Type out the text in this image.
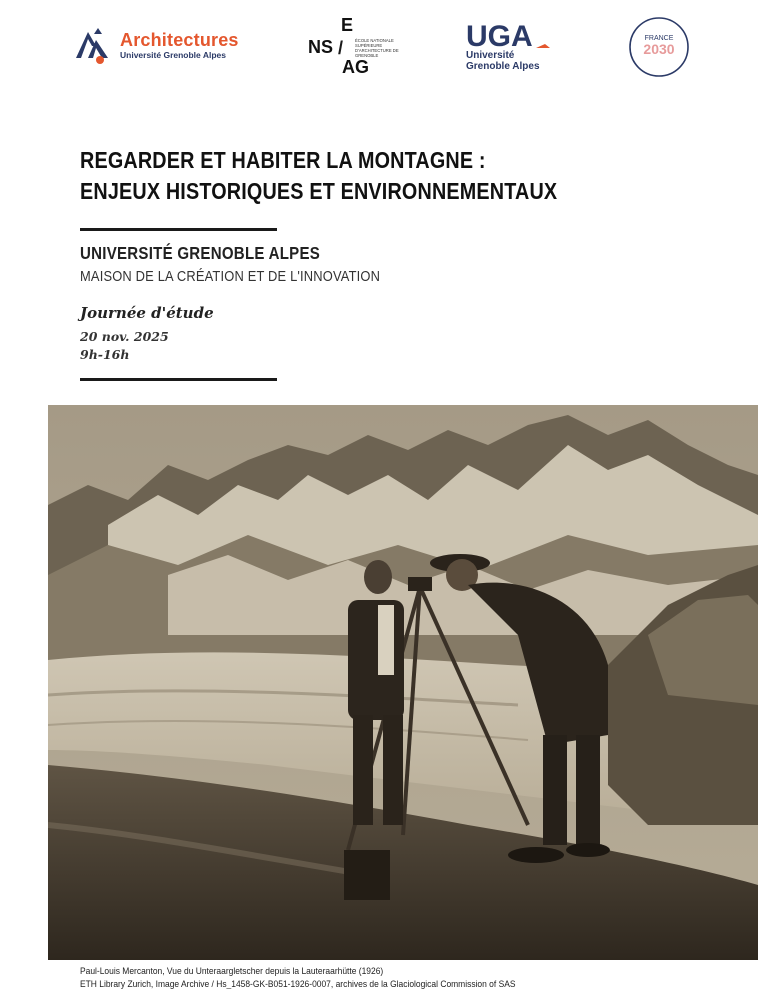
Architectures
Université Grenoble Alpes
E
NS /	ÉCOLE NATIONALE SUPÉRIEURE D'ARCHITECTURE DE GRENOBLE
AG
UGA
Université
Grenoble Alpes
FRANCE
2030
REGARDER ET HABITER LA MONTAGNE :
ENJEUX HISTORIQUES ET ENVIRONNEMENTAUX
UNIVERSITÉ GRENOBLE ALPES
MAISON DE LA CRÉATION ET DE L'INNOVATION
Journée d'étude
20 nov. 2025
9h-16h
Paul-Louis Mercanton, Vue du Unteraargletscher depuis la Lauteraarhütte (1926)
ETH Library Zurich, Image Archive / Hs_1458-GK-B051-1926-0007, archives de la Glaciological Commission of SAS
